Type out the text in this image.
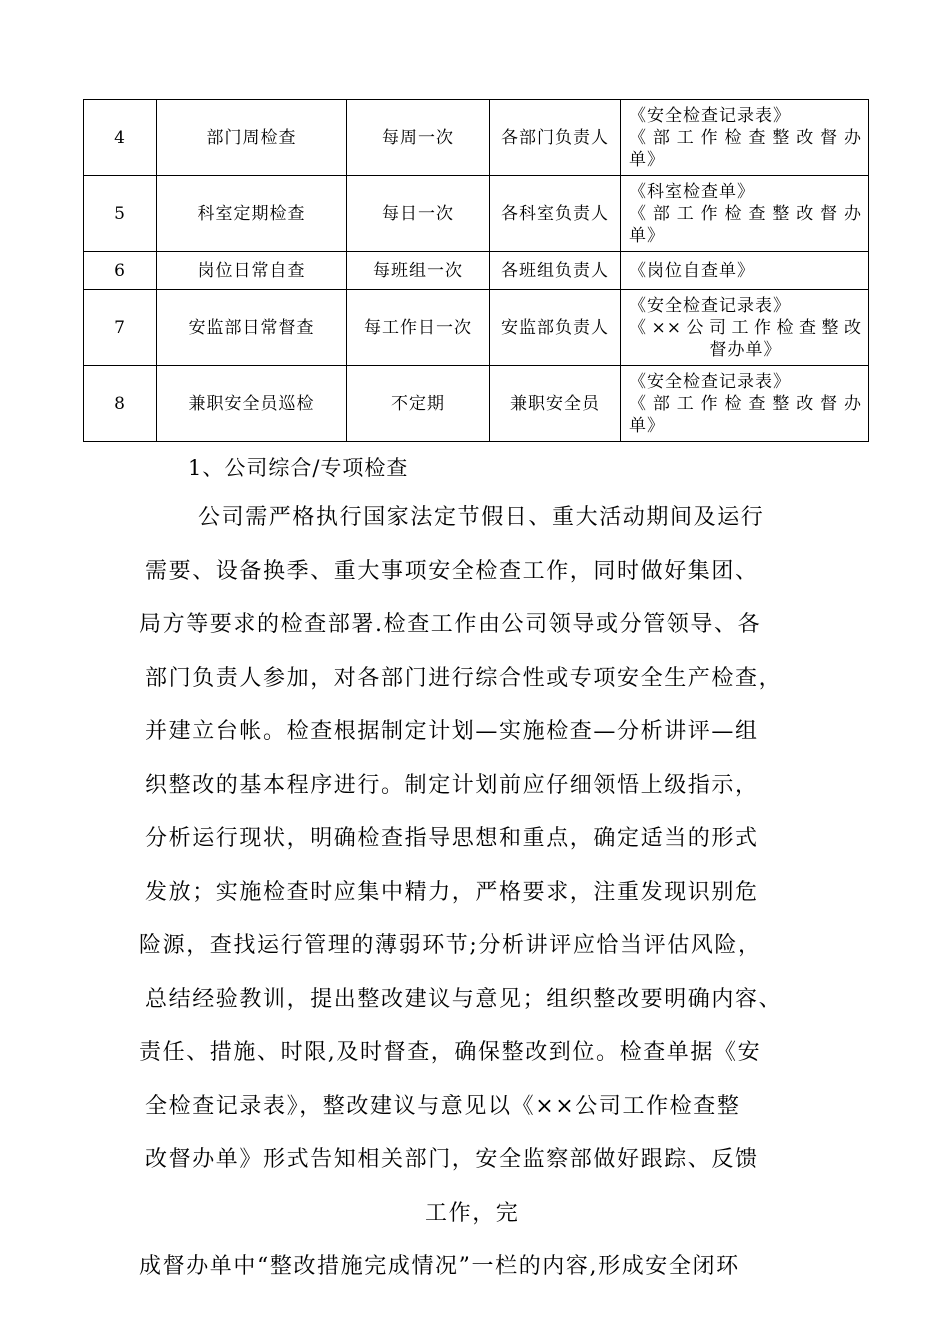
4	部门周检查	每周一次	各部门负责人	《安全检查记录表》
《部工作检查整改督办
单》

5	科室定期检查	每日一次	各科室负责人	《科室检查单》
《部工作检查整改督办
单》

6	岗位日常自查	每班组一次	各班组负责人	《岗位自查单》

7	安监部日常督查	每工作日一次	安监部负责人	《安全检查记录表》
《××公司工作检查整改
督办单》

8	兼职安全员巡检	不定期	兼职安全员	《安全检查记录表》
《部工作检查整改督办
单》
1、公司综合/专项检查
公司需严格执行国家法定节假日、重大活动期间及运行
需要、设备换季、重大事项安全检查工作，同时做好集团、
局方等要求的检查部署.检查工作由公司领导或分管领导、各
部门负责人参加，对各部门进行综合性或专项安全生产检查，
并建立台帐。检查根据制定计划—实施检查—分析讲评—组
织整改的基本程序进行。制定计划前应仔细领悟上级指示，
分析运行现状，明确检查指导思想和重点，确定适当的形式
发放；实施检查时应集中精力，严格要求，注重发现识别危
险源，查找运行管理的薄弱环节;分析讲评应恰当评估风险，
总结经验教训，提出整改建议与意见；组织整改要明确内容、
责任、措施、时限,及时督查，确保整改到位。检查单据《安
全检查记录表》，整改建议与意见以《××公司工作检查整
改督办单》形式告知相关部门，安全监察部做好跟踪、反馈
工作，完
成督办单中“整改措施完成情况”一栏的内容,形成安全闭环
